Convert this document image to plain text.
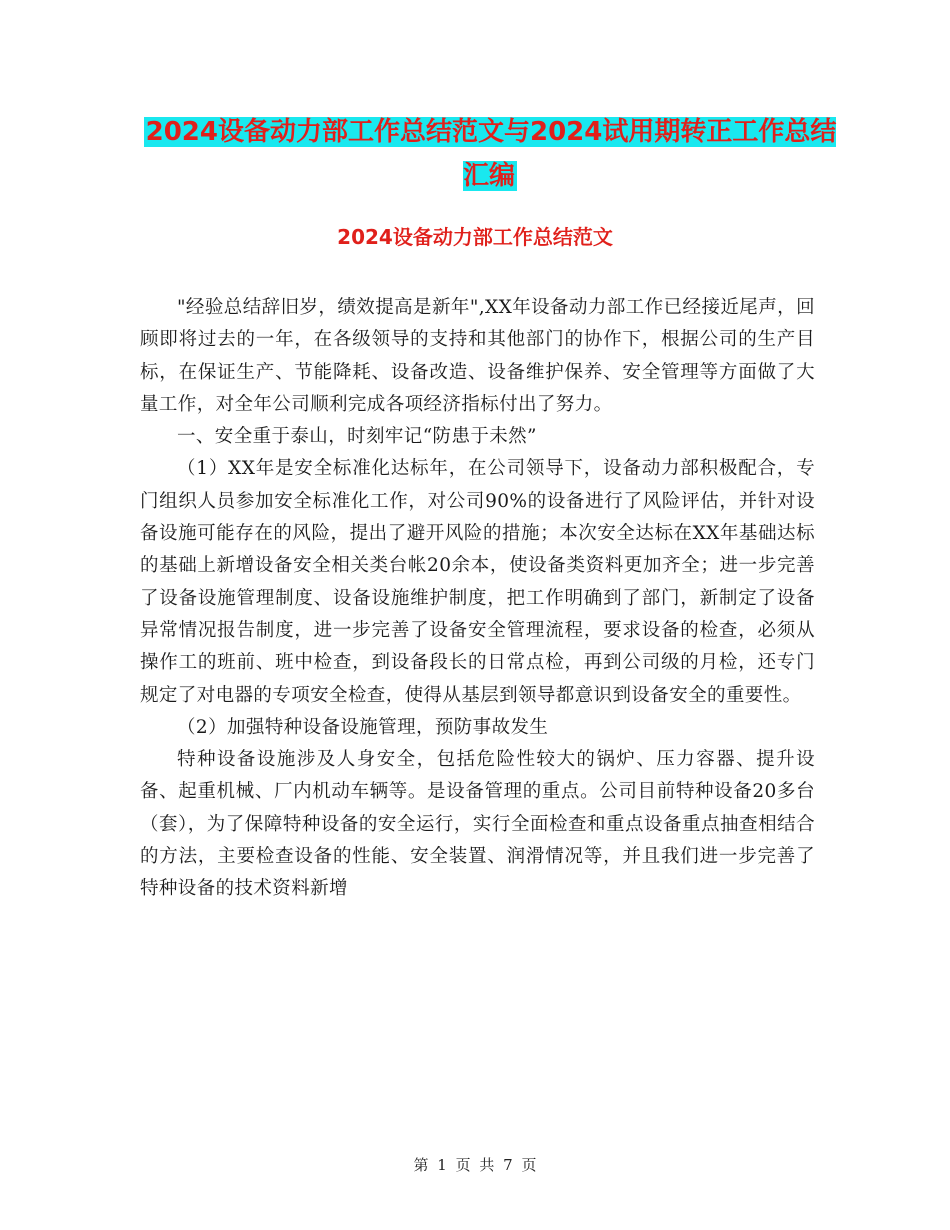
2024设备动力部工作总结范文与2024试用期转正工作总结汇编
2024设备动力部工作总结范文

"经验总结辞旧岁，绩效提高是新年",XX年设备动力部工作已经接近尾声，回顾即将过去的一年，在各级领导的支持和其他部门的协作下，根据公司的生产目标，在保证生产、节能降耗、设备改造、设备维护保养、安全管理等方面做了大量工作，对全年公司顺利完成各项经济指标付出了努力。

一、安全重于泰山，时刻牢记“防患于未然”

（1）XX年是安全标准化达标年，在公司领导下，设备动力部积极配合，专门组织人员参加安全标准化工作，对公司90%的设备进行了风险评估，并针对设备设施可能存在的风险，提出了避开风险的措施；本次安全达标在XX年基础达标的基础上新增设备安全相关类台帐20余本，使设备类资料更加齐全；进一步完善了设备设施管理制度、设备设施维护制度，把工作明确到了部门，新制定了设备异常情况报告制度，进一步完善了设备安全管理流程，要求设备的检查，必须从操作工的班前、班中检查，到设备段长的日常点检，再到公司级的月检，还专门规定了对电器的专项安全检查，使得从基层到领导都意识到设备安全的重要性。

（2）加强特种设备设施管理，预防事故发生

特种设备设施涉及人身安全，包括危险性较大的锅炉、压力容器、提升设备、起重机械、厂内机动车辆等。是设备管理的重点。公司目前特种设备20多台（套），为了保障特种设备的安全运行，实行全面检查和重点设备重点抽查相结合的方法，主要检查设备的性能、安全装置、润滑情况等，并且我们进一步完善了特种设备的技术资料新增

第 1 页 共 7 页
